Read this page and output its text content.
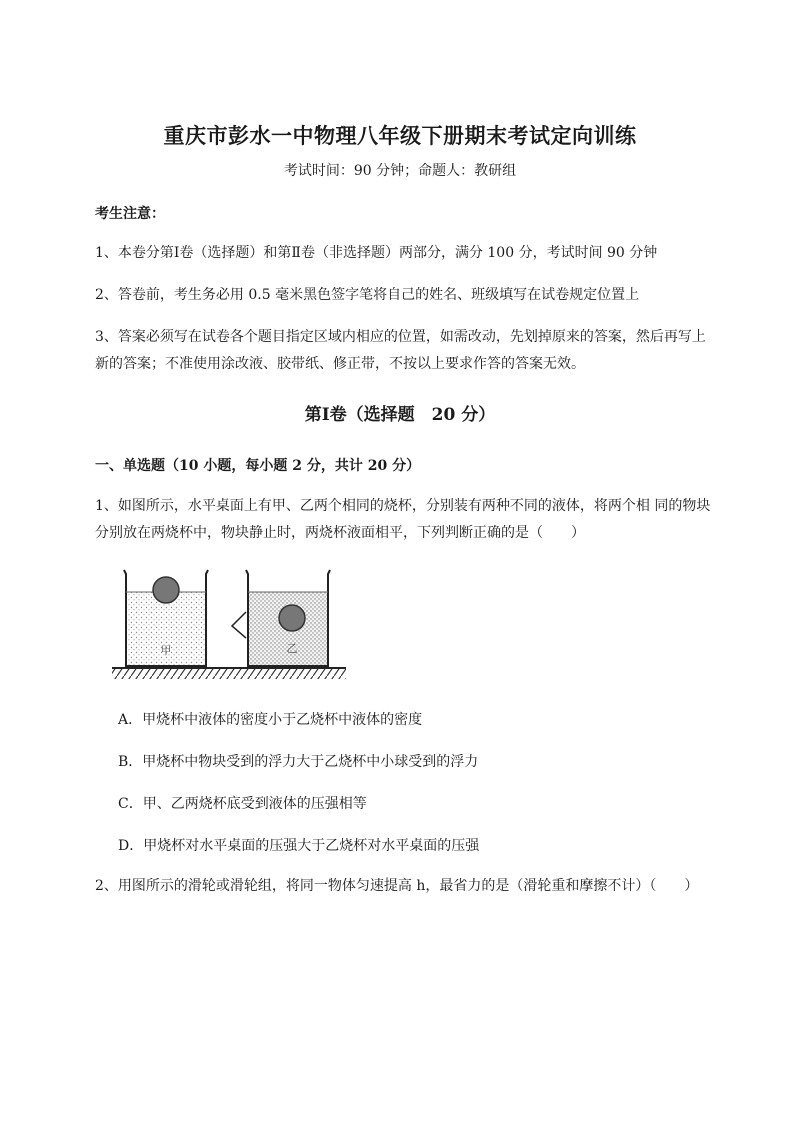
重庆市彭水一中物理八年级下册期末考试定向训练
考试时间：90 分钟；命题人：教研组
考生注意：
1、本卷分第Ⅰ卷（选择题）和第Ⅱ卷（非选择题）两部分，满分 100 分，考试时间 90 分钟
2、答卷前，考生务必用 0.5 毫米黑色签字笔将自己的姓名、班级填写在试卷规定位置上
3、答案必须写在试卷各个题目指定区域内相应的位置，如需改动，先划掉原来的答案，然后再写上新的答案；不准使用涂改液、胶带纸、修正带，不按以上要求作答的答案无效。
第Ⅰ卷（选择题　20 分）
一、单选题（10 小题，每小题 2 分，共计 20 分）
1、如图所示，水平桌面上有甲、乙两个相同的烧杯，分别装有两种不同的液体，将两个相 同的物块分别放在两烧杯中，物块静止时，两烧杯液面相平，下列判断正确的是（　　）
甲	乙
A．甲烧杯中液体的密度小于乙烧杯中液体的密度
B．甲烧杯中物块受到的浮力大于乙烧杯中小球受到的浮力
C．甲、乙两烧杯底受到液体的压强相等
D．甲烧杯对水平桌面的压强大于乙烧杯对水平桌面的压强
2、用图所示的滑轮或滑轮组，将同一物体匀速提高 h，最省力的是（滑轮重和摩擦不计）（　　）
